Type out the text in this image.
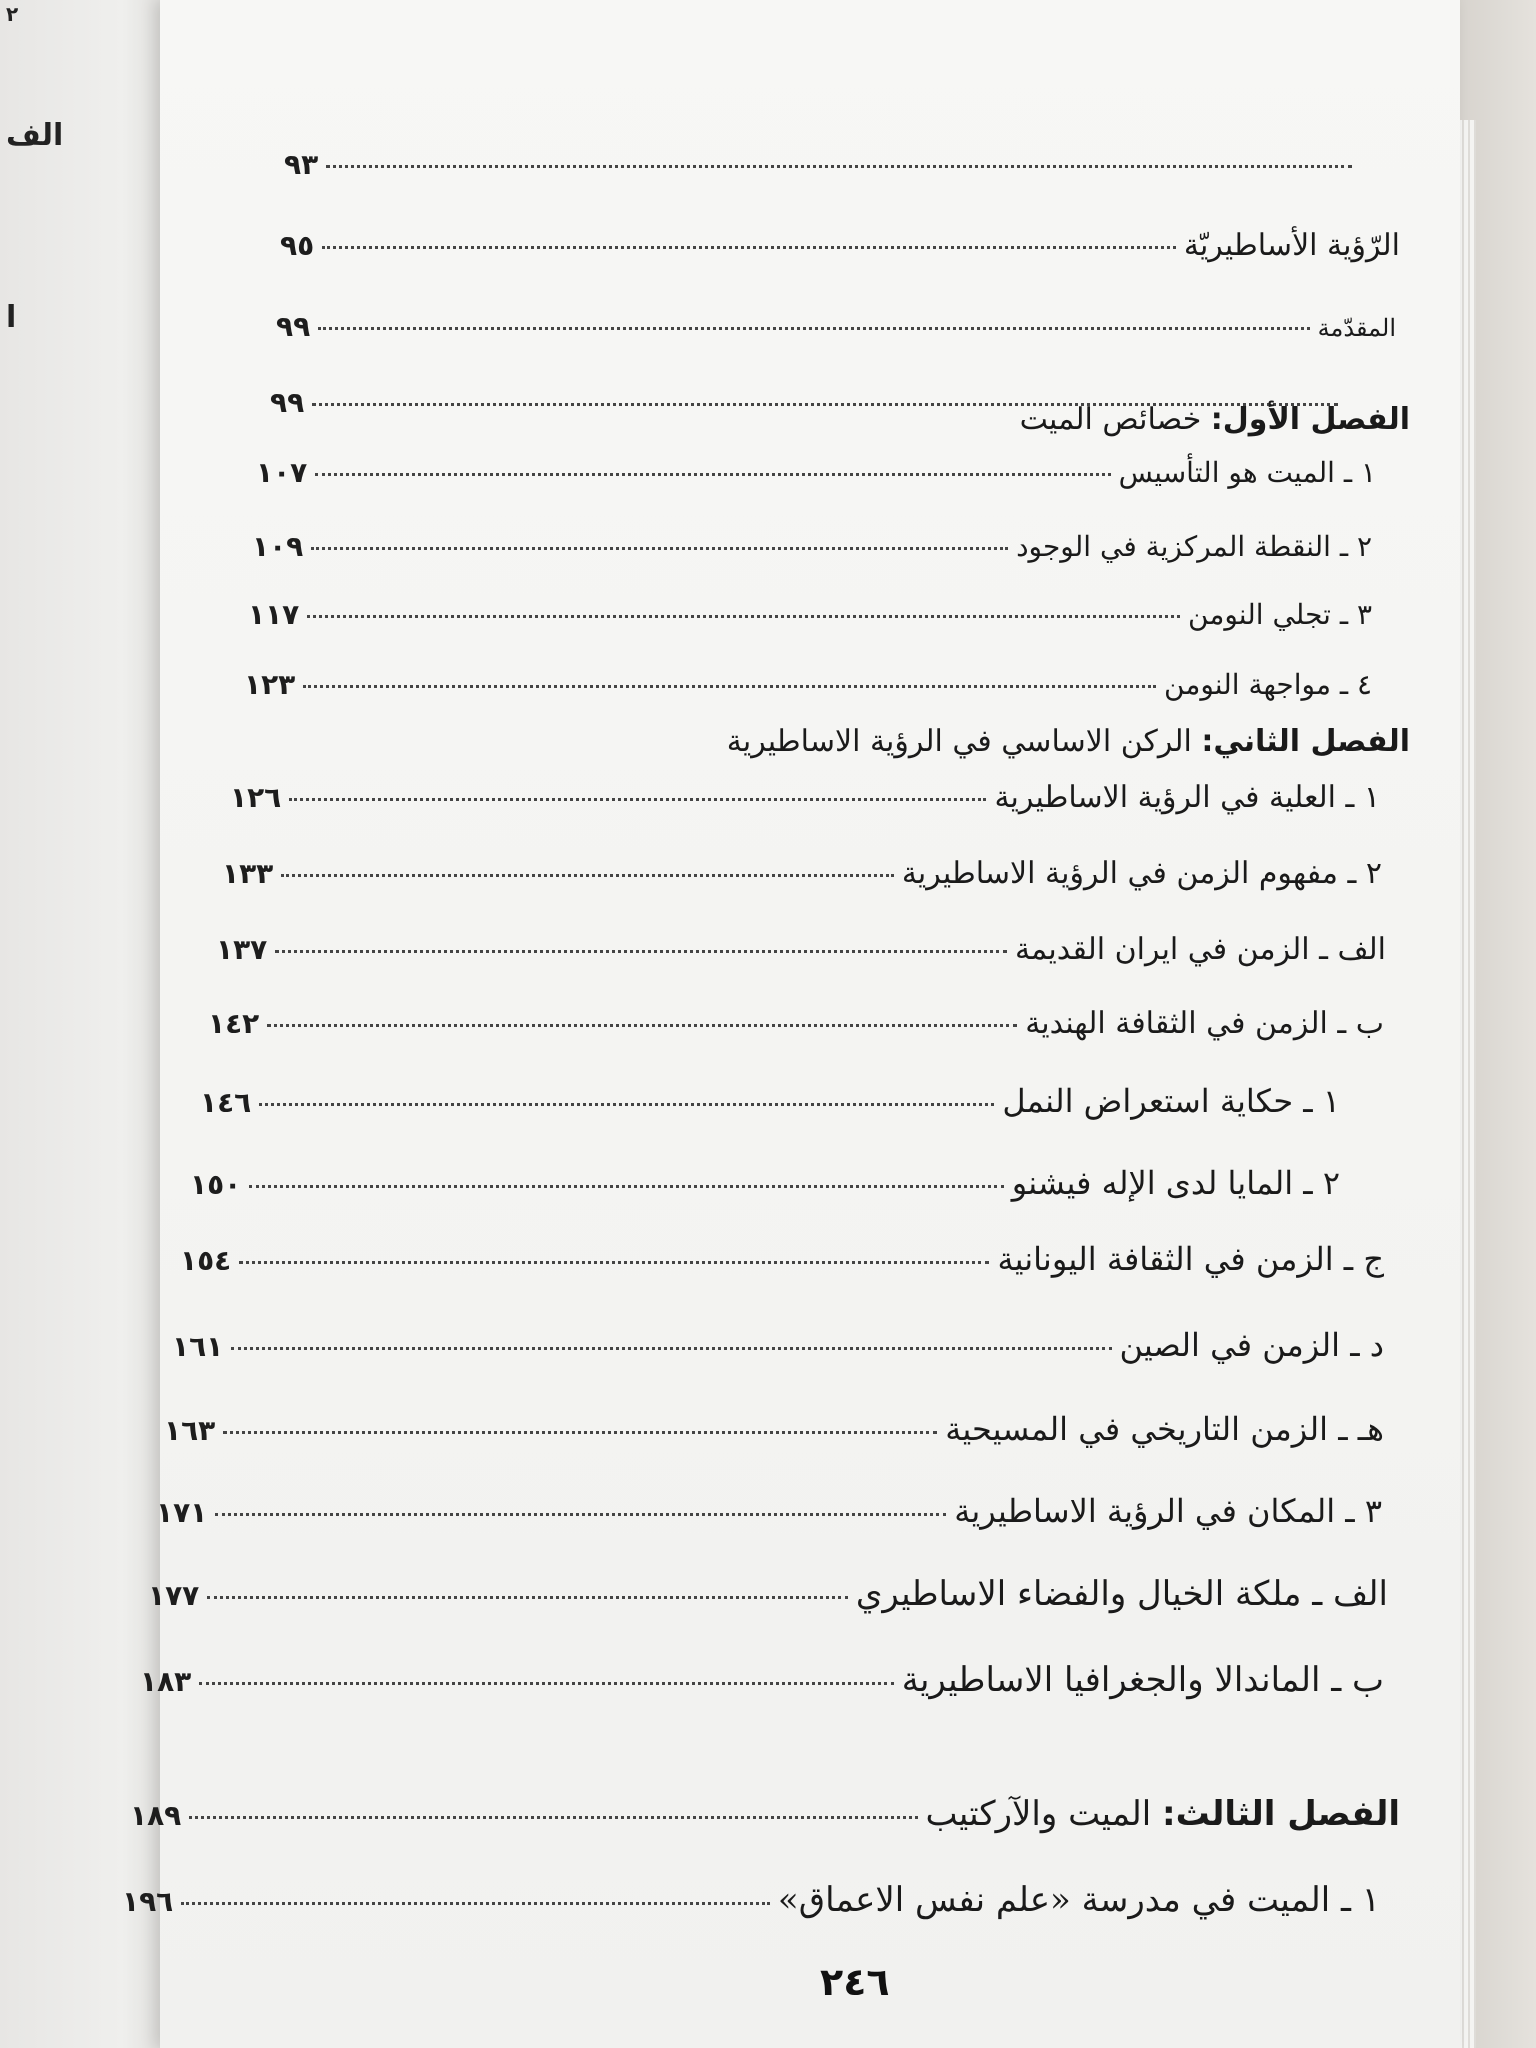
الف
ا
٢
٩٣
٩٥	الرّؤية الأساطيريّة
٩٩	المقدّمة
٩٩	الفصل الأول: خصائص الميت
١٠٧	١ ـ الميت هو التأسيس
١٠٩	٢ ـ النقطة المركزية في الوجود
١١٧	٣ ـ تجلي النومن
١٢٣	٤ ـ مواجهة النومن
الفصل الثاني: الركن الاساسي في الرؤية الاساطيرية
١٢٦	١ ـ العلية في الرؤية الاساطيرية
١٣٣	٢ ـ مفهوم الزمن في الرؤية الاساطيرية
١٣٧	الف ـ الزمن في ايران القديمة
١٤٢	ب ـ الزمن في الثقافة الهندية
١٤٦	١ ـ حكاية استعراض النمل
١٥٠	٢ ـ المايا لدى الإله فيشنو
١٥٤	ج ـ الزمن في الثقافة اليونانية
١٦١	د ـ الزمن في الصين
١٦٣	هـ ـ الزمن التاريخي في المسيحية
١٧١	٣ ـ المكان في الرؤية الاساطيرية
١٧٧	الف ـ ملكة الخيال والفضاء الاساطيري
١٨٣	ب ـ الماندالا والجغرافيا الاساطيرية
١٨٩	الفصل الثالث: الميت والآركتيب
١٩٦	١ ـ الميت في مدرسة «علم نفس الاعماق»
٢٤٦
